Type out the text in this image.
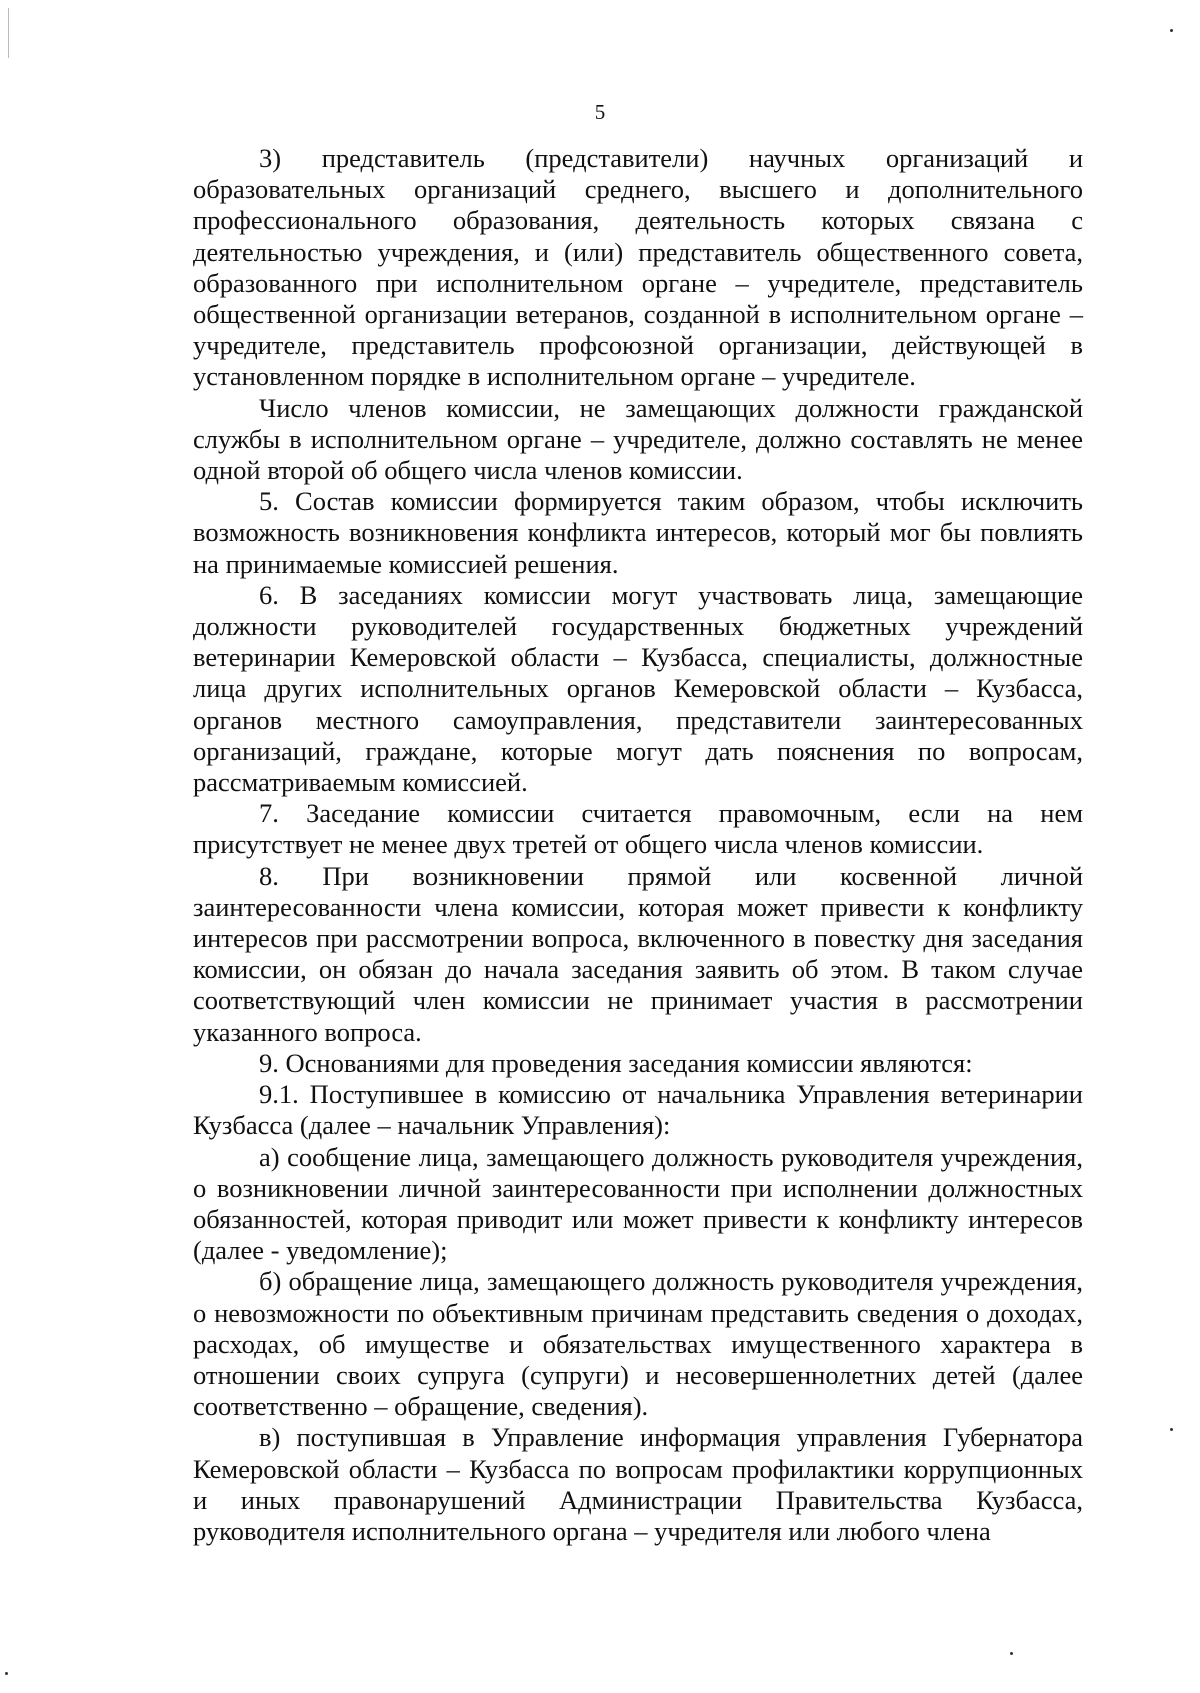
5

3) представитель (представители) научных организаций и образовательных организаций среднего, высшего и дополнительного профессионального образования, деятельность которых связана с деятельностью учреждения, и (или) представитель общественного совета, образованного при исполнительном органе – учредителе, представитель общественной организации ветеранов, созданной в исполнительном органе – учредителе, представитель профсоюзной организации, действующей в установленном порядке в исполнительном органе – учредителе.

Число членов комиссии, не замещающих должности гражданской службы в исполнительном органе – учредителе, должно составлять не менее одной второй об общего числа членов комиссии.

5. Состав комиссии формируется таким образом, чтобы исключить возможность возникновения конфликта интересов, который мог бы повлиять на принимаемые комиссией решения.

6. В заседаниях комиссии могут участвовать лица, замещающие должности руководителей государственных бюджетных учреждений ветеринарии Кемеровской области – Кузбасса, специалисты, должностные лица других исполнительных органов Кемеровской области – Кузбасса, органов местного самоуправления, представители заинтересованных организаций, граждане, которые могут дать пояснения по вопросам, рассматриваемым комиссией.

7. Заседание комиссии считается правомочным, если на нем присутствует не менее двух третей от общего числа членов комиссии.

8. При возникновении прямой или косвенной личной заинтересованности члена комиссии, которая может привести к конфликту интересов при рассмотрении вопроса, включенного в повестку дня заседания комиссии, он обязан до начала заседания заявить об этом. В таком случае соответствующий член комиссии не принимает участия в рассмотрении указанного вопроса.

9. Основаниями для проведения заседания комиссии являются:

9.1. Поступившее в комиссию от начальника Управления ветеринарии Кузбасса (далее – начальник Управления):

а) сообщение лица, замещающего должность руководителя учреждения, о возникновении личной заинтересованности при исполнении должностных обязанностей, которая приводит или может привести к конфликту интересов (далее - уведомление);

б) обращение лица, замещающего должность руководителя учреждения, о невозможности по объективным причинам представить сведения о доходах, расходах, об имуществе и обязательствах имущественного характера в отношении своих супруга (супруги) и несовершеннолетних детей (далее соответственно – обращение, сведения).

в) поступившая в Управление информация управления Губернатора Кемеровской области – Кузбасса по вопросам профилактики коррупционных и иных правонарушений Администрации Правительства Кузбасса, руководителя исполнительного органа – учредителя или любого члена
